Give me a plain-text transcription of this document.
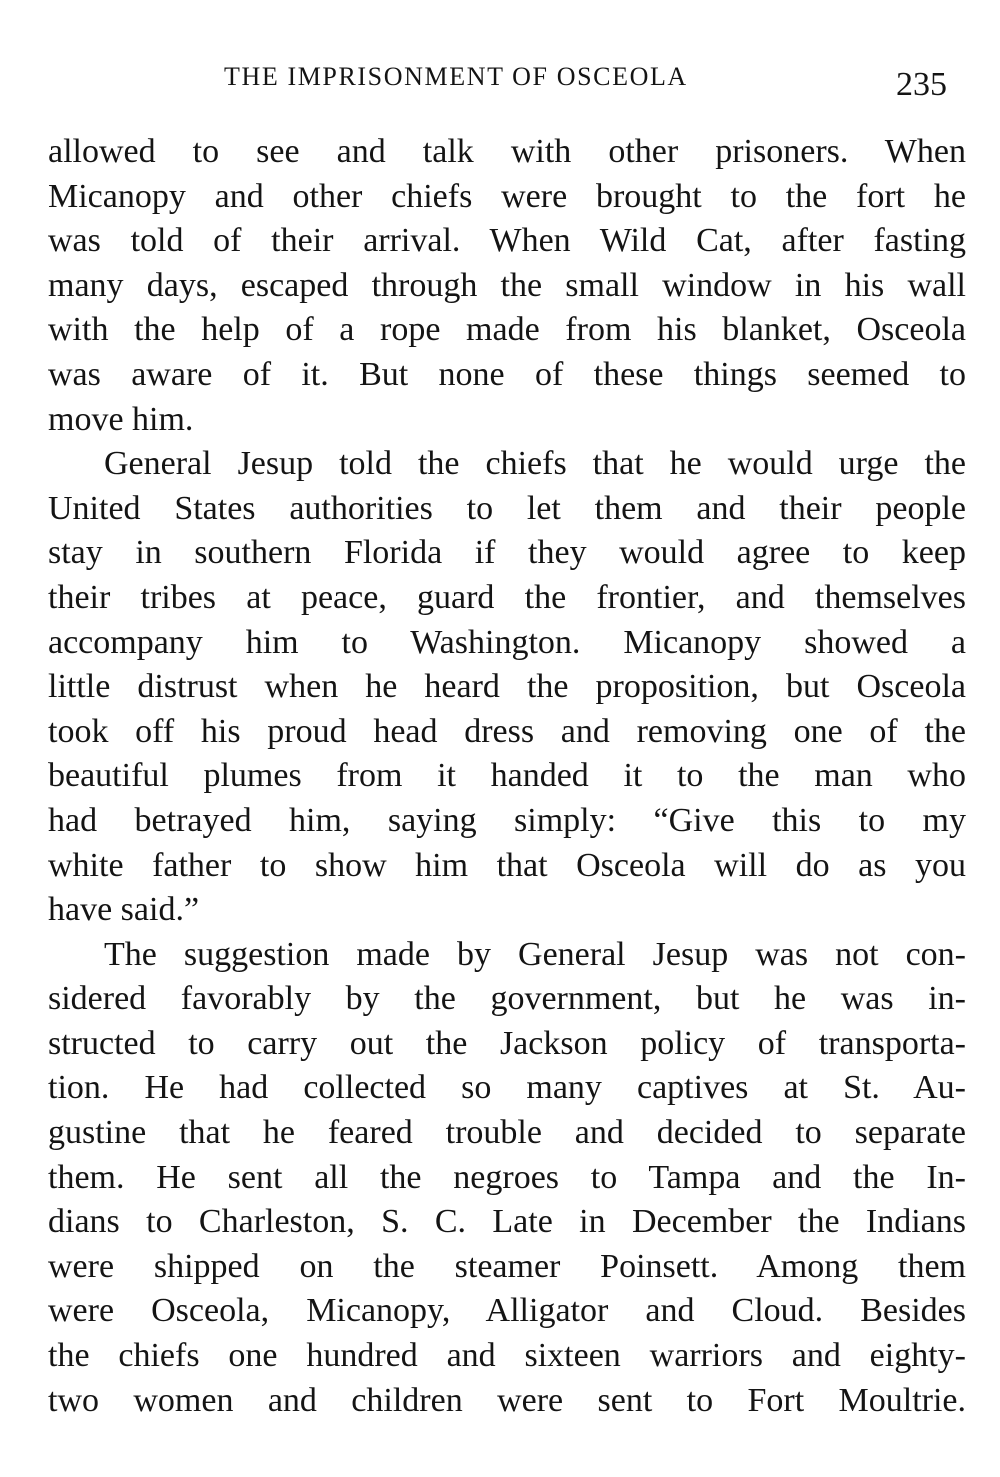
THE IMPRISONMENT OF OSCEOLA	235
allowed to see and talk with other prisoners. When
Micanopy and other chiefs were brought to the fort he
was told of their arrival. When Wild Cat, after fasting
many days, escaped through the small window in his wall
with the help of a rope made from his blanket, Osceola
was aware of it. But none of these things seemed to
move him.
General Jesup told the chiefs that he would urge the
United States authorities to let them and their people
stay in southern Florida if they would agree to keep
their tribes at peace, guard the frontier, and themselves
accompany him to Washington. Micanopy showed a
little distrust when he heard the proposition, but Osceola
took off his proud head dress and removing one of the
beautiful plumes from it handed it to the man who
had betrayed him, saying simply: “Give this to my
white father to show him that Osceola will do as you
have said.”
The suggestion made by General Jesup was not con-
sidered favorably by the government, but he was in-
structed to carry out the Jackson policy of transporta-
tion. He had collected so many captives at St. Au-
gustine that he feared trouble and decided to separate
them. He sent all the negroes to Tampa and the In-
dians to Charleston, S. C. Late in December the Indians
were shipped on the steamer Poinsett. Among them
were Osceola, Micanopy, Alligator and Cloud. Besides
the chiefs one hundred and sixteen warriors and eighty-
two women and children were sent to Fort Moultrie.
